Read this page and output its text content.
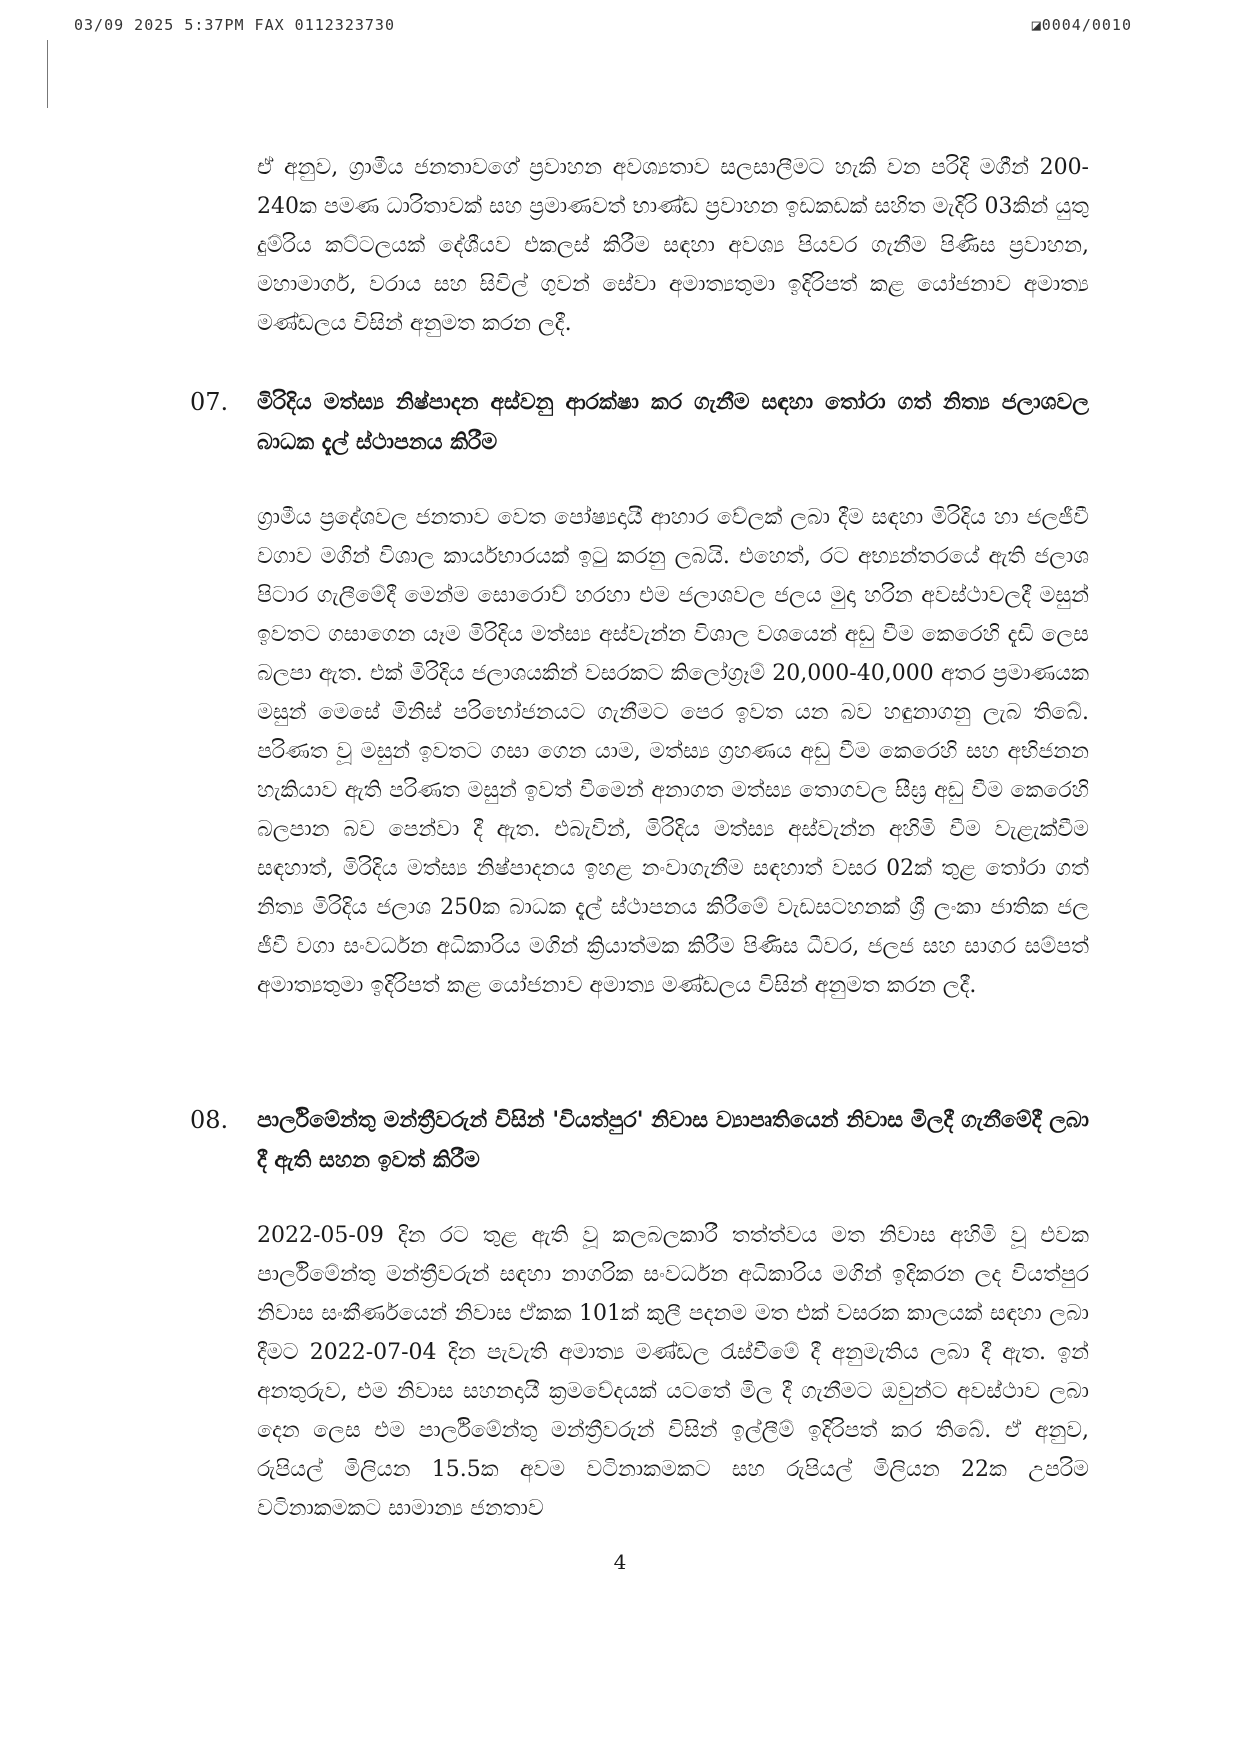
03/09 2025 5:37PM FAX 0112323730	◪0004/0010

ඒ අනුව, ග්‍රාමීය ජනතාවගේ ප්‍රවාහන අවශ්‍යතාව සලසාලීමට හැකි වන පරිදි මගීන් 200-240ක පමණ ධාරිතාවක් සහ ප්‍රමාණවත් භාණ්ඩ ප්‍රවාහන ඉඩකඩක් සහිත මැදිරි 03කින් යුතු දුම්රිය කට්ටලයක් දේශීයව එකලස් කිරීම සඳහා අවශ්‍ය පියවර ගැනීම පිණිස ප්‍රවාහන, මහාමාර්ග, වරාය සහ සිවිල් ගුවන් සේවා අමාත්‍යතුමා ඉදිරිපත් කළ යෝජනාව අමාත්‍ය මණ්ඩලය විසින් අනුමත කරන ලදී.

07. මිරිදිය මත්ස්‍ය නිෂ්පාදන අස්වනු ආරක්ෂා කර ගැනීම සඳහා තෝරා ගත් නිත්‍ය ජලාශවල බාධක දැල් ස්ථාපනය කිරීම

ග්‍රාමීය ප්‍රදේශවල ජනතාව වෙත පෝෂ්‍යදායී ආහාර වේලක් ලබා දීම සඳහා මිරිදිය හා ජලජීවී වගාව මගින් විශාල කාර්යභාරයක් ඉටු කරනු ලබයි. එහෙත්, රට අභ්‍යන්තරයේ ඇති ජලාශ පිටාර ගැලීමේදී මෙන්ම සොරොව් හරහා එම ජලාශවල ජලය මුදා හරින අවස්ථාවලදී මසුන් ඉවතට ගසාගෙන යෑම මිරිදිය මත්ස්‍ය අස්වැන්න විශාල වශයෙන් අඩු වීම කෙරෙහි දැඩි ලෙස බලපා ඇත. එක් මිරිදිය ජලාශයකින් වසරකට කිලෝග්‍රෑම් 20,000-40,000 අතර ප්‍රමාණයක මසුන් මෙසේ මිනිස් පරිභෝජනයට ගැනීමට පෙර ඉවත යන බව හඳුනාගනු ලැබ තිබේ. පරිණත වූ මසුන් ඉවතට ගසා ගෙන යාම, මත්ස්‍ය ග්‍රහණය අඩු වීම කෙරෙහි සහ අභිජනන හැකියාව ඇති පරිණත මසුන් ඉවත් වීමෙන් අනාගත මත්ස්‍ය තොගවල සීඝ්‍ර අඩු වීම කෙරෙහි බලපාන බව පෙන්වා දී ඇත. එබැවින්, මිරිදිය මත්ස්‍ය අස්වැන්න අහිමි වීම වැළැක්වීම සඳහාත්, මිරිදිය මත්ස්‍ය නිෂ්පාදනය ඉහළ නංවාගැනීම සඳහාත් වසර 02ක් තුළ තෝරා ගත් නිත්‍ය මිරිදිය ජලාශ 250ක බාධක දැල් ස්ථාපනය කිරීමේ වැඩසටහනක් ශ්‍රී ලංකා ජාතික ජල ජීවී වගා සංවර්ධන අධිකාරිය මගින් ක්‍රියාත්මක කිරීම පිණිස ධීවර, ජලජ සහ සාගර සම්පත් අමාත්‍යතුමා ඉදිරිපත් කළ යෝජනාව අමාත්‍ය මණ්ඩලය විසින් අනුමත කරන ලදී.

08. පාර්ලිමේන්තු මන්ත්‍රීවරුන් විසින් 'වියත්පුර' නිවාස ව්‍යාපෘතියෙන් නිවාස මිලදී ගැනීමේදී ලබා දී ඇති සහන ඉවත් කිරීම

2022-05-09 දින රට තුළ ඇති වූ කලබලකාරී තත්ත්වය මත නිවාස අහිමි වූ එවක පාර්ලිමේන්තු මන්ත්‍රීවරුන් සඳහා නාගරික සංවර්ධන අධිකාරිය මගින් ඉදිකරන ලද වියත්පුර නිවාස සංකීර්ණයෙන් නිවාස ඒකක 101ක් කුලී පදනම මත එක් වසරක කාලයක් සඳහා ලබා දීමට 2022-07-04 දින පැවැති අමාත්‍ය මණ්ඩල රැස්වීමේ දී අනුමැතිය ලබා දී ඇත. ඉන් අනතුරුව, එම නිවාස සහනදායී ක්‍රමවේදයක් යටතේ මිල දී ගැනීමට ඔවුන්ට අවස්ථාව ලබා දෙන ලෙස එම පාර්ලිමේන්තු මන්ත්‍රීවරුන් විසින් ඉල්ලීම් ඉදිරිපත් කර තිබේ. ඒ අනුව, රුපියල් මිලියන 15.5ක අවම වටිනාකමකට සහ රුපියල් මිලියන 22ක උපරිම වටිනාකමකට සාමාන්‍ය ජනතාව

4
